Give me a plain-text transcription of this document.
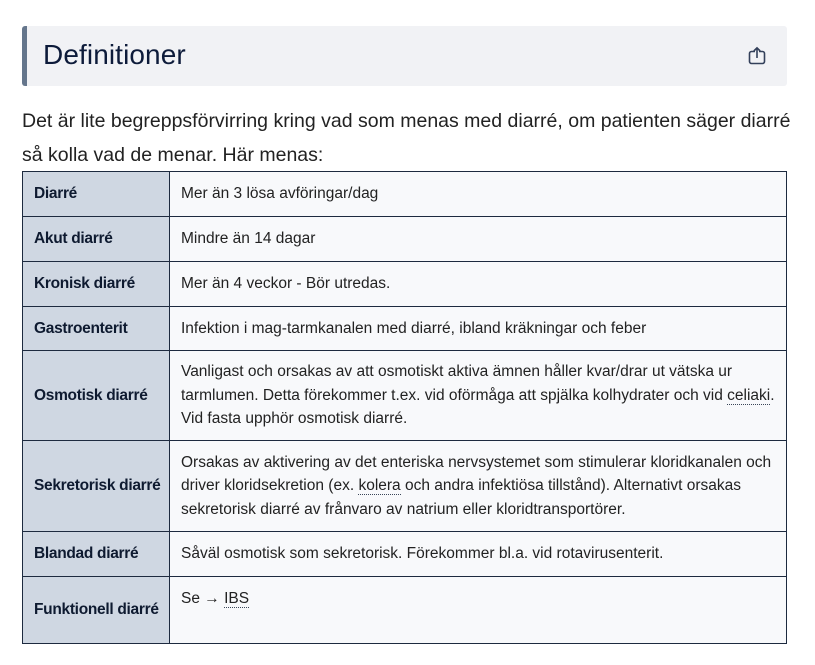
Definitioner

Det är lite begreppsförvirring kring vad som menas med diarré, om patienten säger diarré så kolla vad de menar. Här menas:

Diarré	Mer än 3 lösa avföringar/dag
Akut diarré	Mindre än 14 dagar
Kronisk diarré	Mer än 4 veckor - Bör utredas.
Gastroenterit	Infektion i mag-tarmkanalen med diarré, ibland kräkningar och feber
Osmotisk diarré	Vanligast och orsakas av att osmotiskt aktiva ämnen håller kvar/drar ut vätska ur tarmlumen. Detta förekommer t.ex. vid oförmåga att spjälka kolhydrater och vid celiaki. Vid fasta upphör osmotisk diarré.
Sekretorisk diarré	Orsakas av aktivering av det enteriska nervsystemet som stimulerar kloridkanalen och driver kloridsekretion (ex. kolera och andra infektiösa tillstånd). Alternativt orsakas sekretorisk diarré av frånvaro av natrium eller kloridtransportörer.
Blandad diarré	Såväl osmotisk som sekretorisk. Förekommer bl.a. vid rotavirusenterit.
Funktionell diarré	Se → IBS
